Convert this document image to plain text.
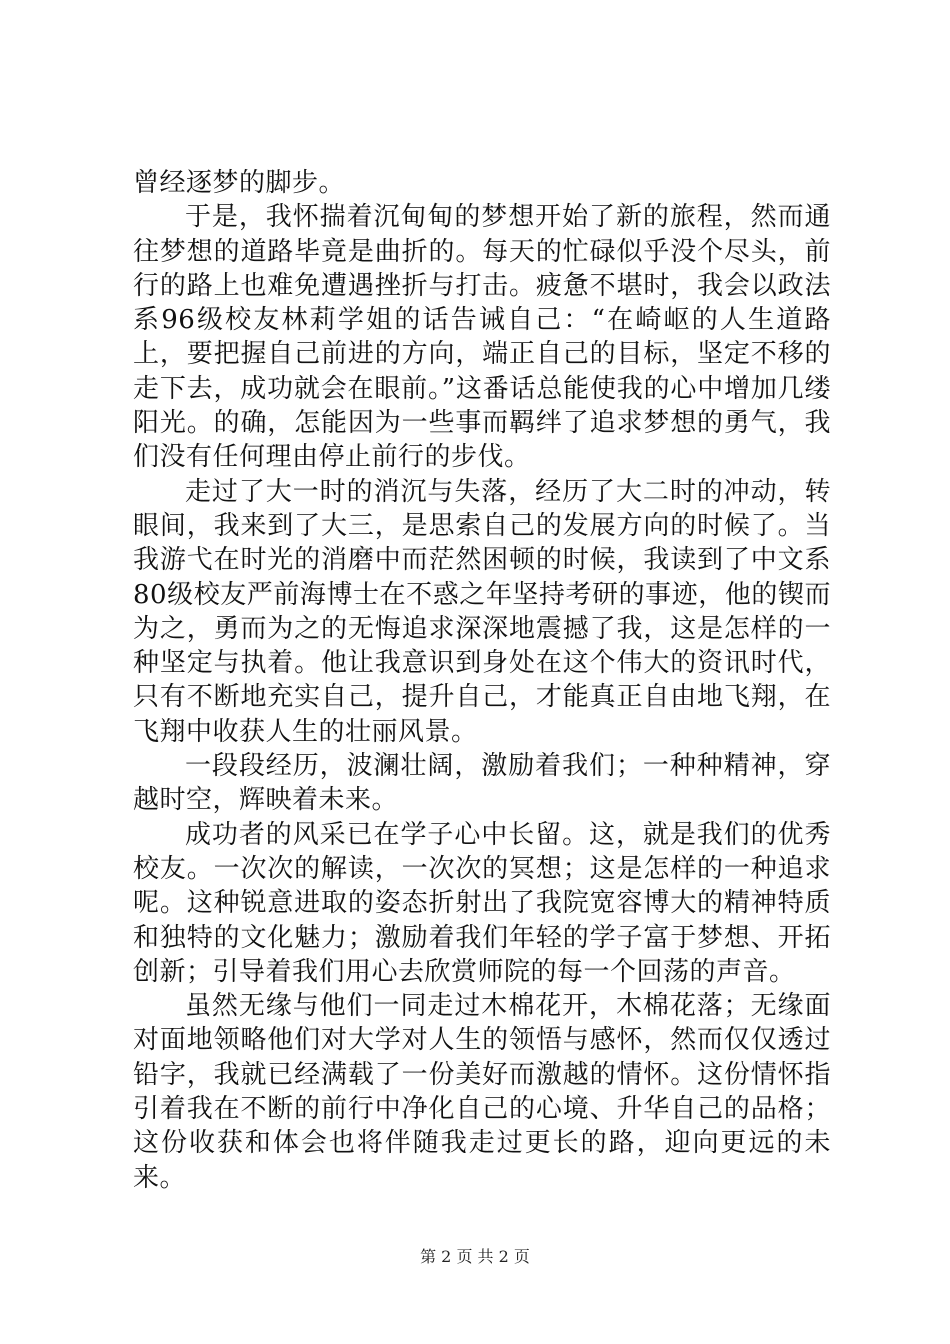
曾经逐梦的脚步。

于是，我怀揣着沉甸甸的梦想开始了新的旅程，然而通往梦想的道路毕竟是曲折的。每天的忙碌似乎没个尽头，前行的路上也难免遭遇挫折与打击。疲惫不堪时，我会以政法系96级校友林莉学姐的话告诫自己：“在崎岖的人生道路上，要把握自己前进的方向，端正自己的目标，坚定不移的走下去，成功就会在眼前。”这番话总能使我的心中增加几缕阳光。的确，怎能因为一些事而羁绊了追求梦想的勇气，我们没有任何理由停止前行的步伐。

走过了大一时的消沉与失落，经历了大二时的冲动，转眼间，我来到了大三，是思索自己的发展方向的时候了。当我游弋在时光的消磨中而茫然困顿的时候，我读到了中文系80级校友严前海博士在不惑之年坚持考研的事迹，他的锲而为之，勇而为之的无悔追求深深地震撼了我，这是怎样的一种坚定与执着。他让我意识到身处在这个伟大的资讯时代，只有不断地充实自己，提升自己，才能真正自由地飞翔，在飞翔中收获人生的壮丽风景。

一段段经历，波澜壮阔，激励着我们；一种种精神，穿越时空，辉映着未来。

成功者的风采已在学子心中长留。这，就是我们的优秀校友。一次次的解读，一次次的冥想；这是怎样的一种追求呢。这种锐意进取的姿态折射出了我院宽容博大的精神特质和独特的文化魅力；激励着我们年轻的学子富于梦想、开拓创新；引导着我们用心去欣赏师院的每一个回荡的声音。

虽然无缘与他们一同走过木棉花开，木棉花落；无缘面对面地领略他们对大学对人生的领悟与感怀，然而仅仅透过铅字，我就已经满载了一份美好而激越的情怀。这份情怀指引着我在不断的前行中净化自己的心境、升华自己的品格；这份收获和体会也将伴随我走过更长的路，迎向更远的未来。

第 2 页 共 2 页
